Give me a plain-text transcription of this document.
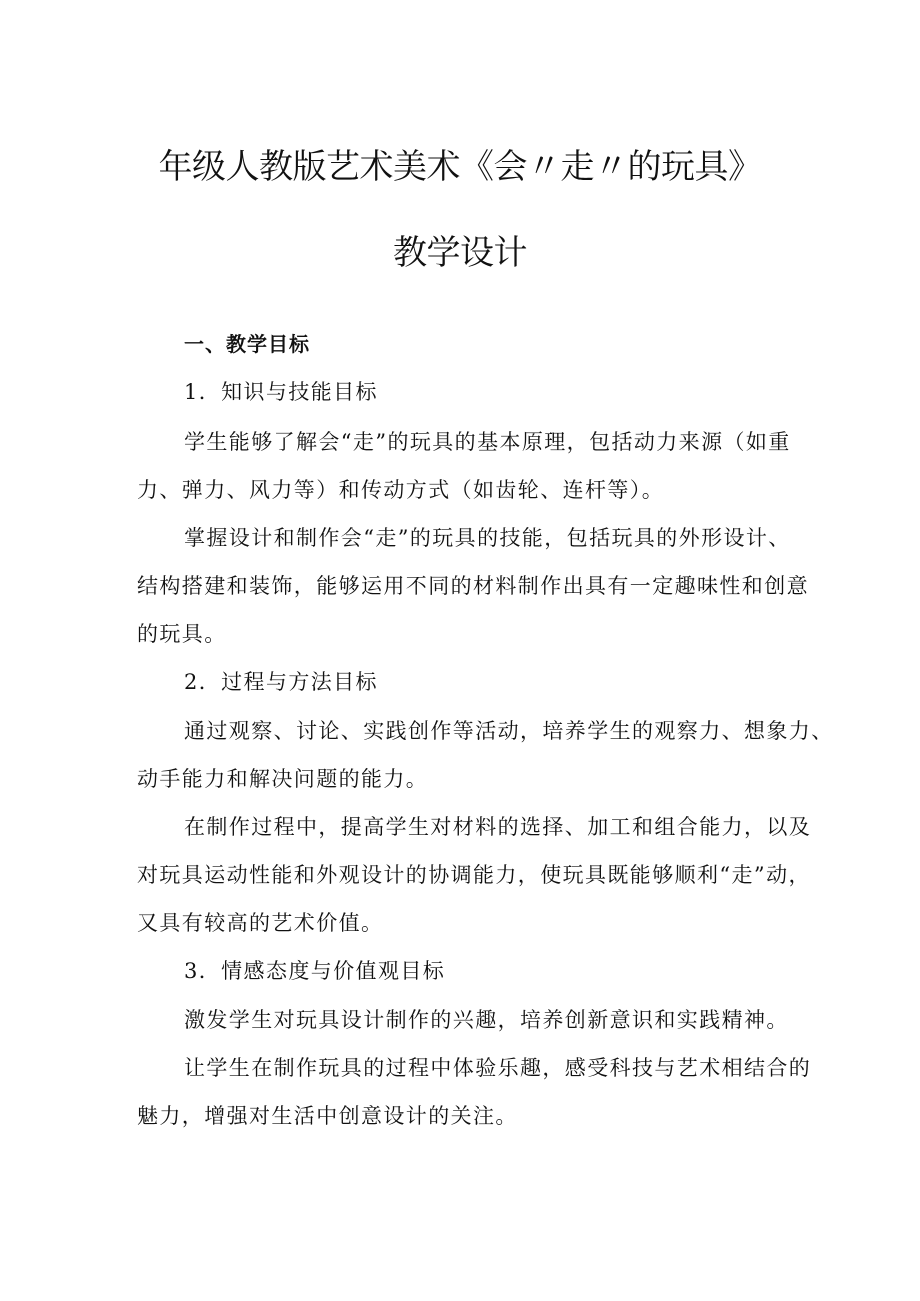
年级人教版艺术美术《会〃走〃的玩具》
教学设计
一、教学目标
1．知识与技能目标
学生能够了解会“走”的玩具的基本原理，包括动力来源（如重
力、弹力、风力等）和传动方式（如齿轮、连杆等）。
掌握设计和制作会“走”的玩具的技能，包括玩具的外形设计、
结构搭建和装饰，能够运用不同的材料制作出具有一定趣味性和创意
的玩具。
2．过程与方法目标
通过观察、讨论、实践创作等活动，培养学生的观察力、想象力、
动手能力和解决问题的能力。
在制作过程中，提高学生对材料的选择、加工和组合能力，以及
对玩具运动性能和外观设计的协调能力，使玩具既能够顺利“走”动，
又具有较高的艺术价值。
3．情感态度与价值观目标
激发学生对玩具设计制作的兴趣，培养创新意识和实践精神。
让学生在制作玩具的过程中体验乐趣，感受科技与艺术相结合的
魅力，增强对生活中创意设计的关注。
